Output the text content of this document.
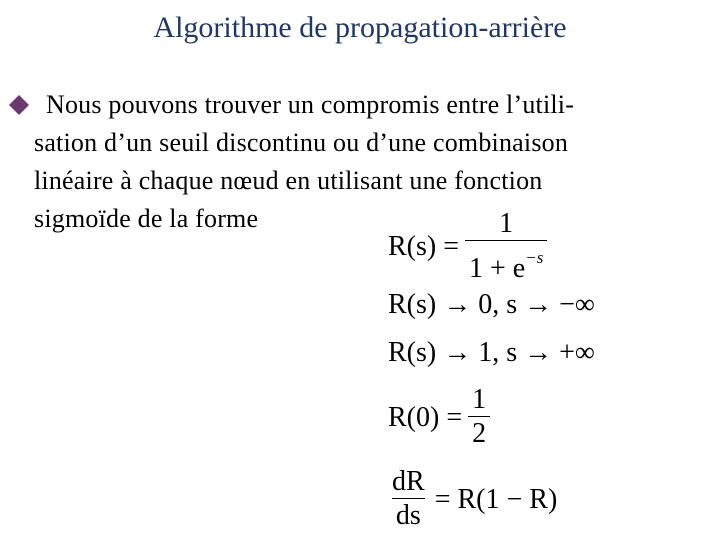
Algorithme de propagation-arrière
Nous pouvons trouver un compromis entre l’utili-
sation d’un seuil discontinu ou d’une combinaison
linéaire à chaque nœud en utilisant une fonction
sigmoïde de la forme
$R(s) = \frac{1}{1 + e^{-s}}$
R(s) → 0, s → −∞
R(s) → 1, s → +∞
$R(0) = \frac{1}{2}$
$\frac{dR}{ds} = R(1 - R)$
